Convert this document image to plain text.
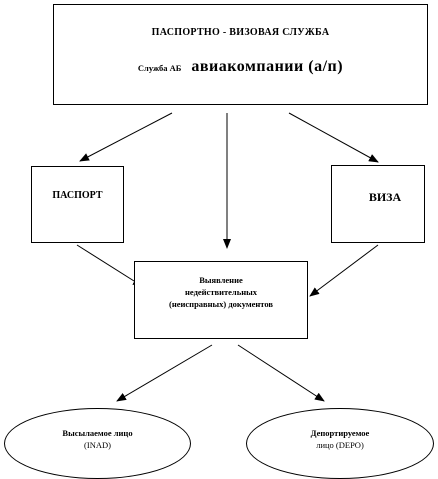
ПАСПОРТНО - ВИЗОВАЯ СЛУЖБА
Служба АБ авиакомпании (а/п)
ПАСПОРТ	ВИЗА
Выявление
недействительных
(неисправных) документов
Высылаемое лицо
(INAD)
Депортируемое
лицо (DEPO)
